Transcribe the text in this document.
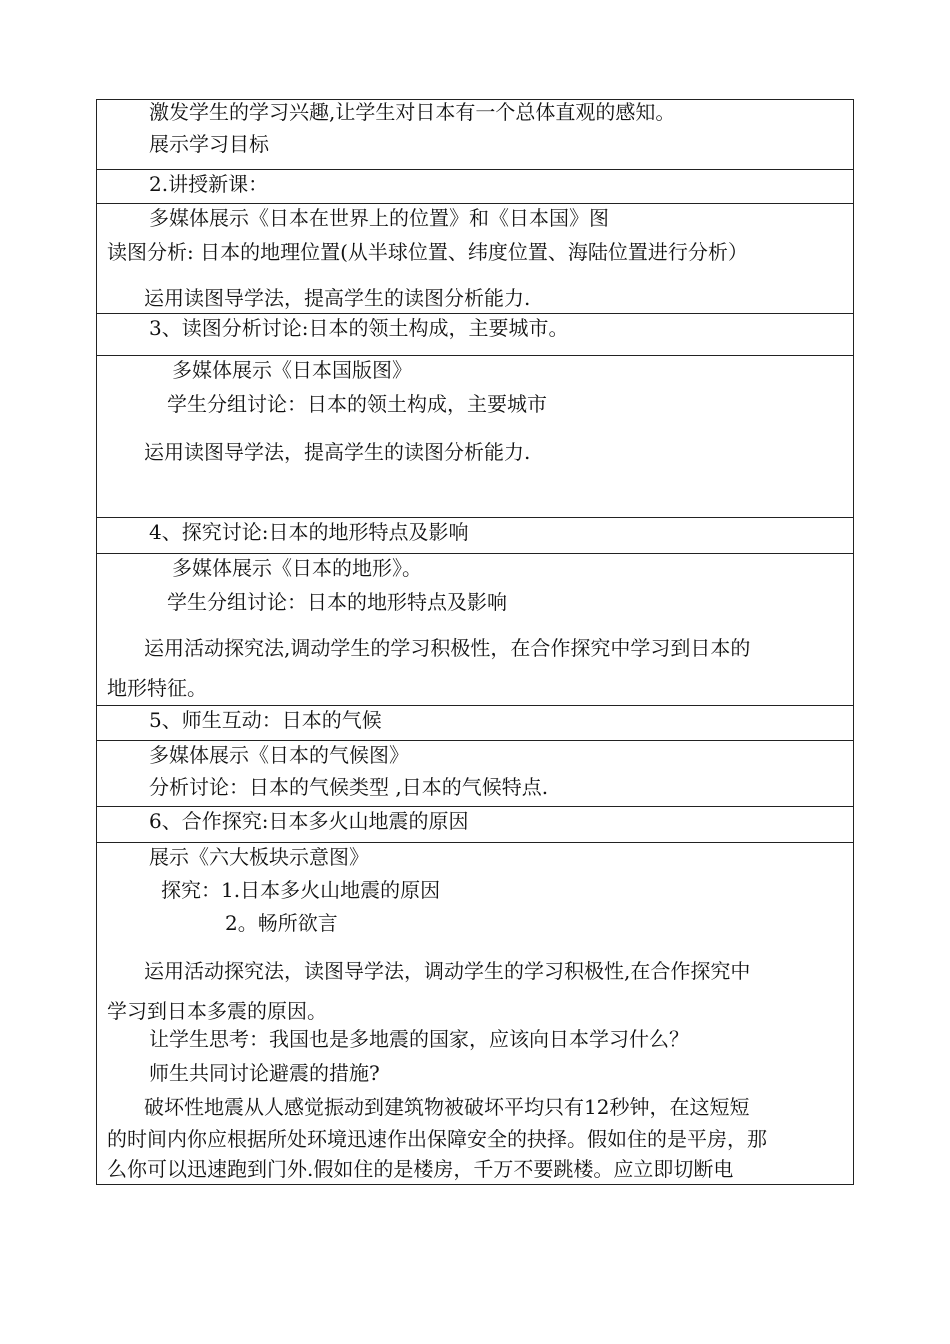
激发学生的学习兴趣,让学生对日本有一个总体直观的感知。
展示学习目标
2.讲授新课：
多媒体展示《日本在世界上的位置》和《日本国》图
读图分析: 日本的地理位置(从半球位置、纬度位置、海陆位置进行分析）
运用读图导学法，提高学生的读图分析能力.
3、读图分析讨论:日本的领土构成，主要城市。
多媒体展示《日本国版图》
学生分组讨论：日本的领土构成，主要城市
运用读图导学法，提高学生的读图分析能力.
4、探究讨论:日本的地形特点及影响
多媒体展示《日本的地形》。
学生分组讨论：日本的地形特点及影响
运用活动探究法,调动学生的学习积极性，在合作探究中学习到日本的
地形特征。
5、师生互动：日本的气候
多媒体展示《日本的气候图》
分析讨论：日本的气候类型 ,日本的气候特点.
6、合作探究:日本多火山地震的原因
展示《六大板块示意图》
探究：1.日本多火山地震的原因
2。畅所欲言
运用活动探究法，读图导学法，调动学生的学习积极性,在合作探究中
学习到日本多震的原因。
让学生思考：我国也是多地震的国家，应该向日本学习什么？
师生共同讨论避震的措施?
破坏性地震从人感觉振动到建筑物被破坏平均只有12秒钟，在这短短
的时间内你应根据所处环境迅速作出保障安全的抉择。假如住的是平房，那
么你可以迅速跑到门外.假如住的是楼房，千万不要跳楼。应立即切断电
